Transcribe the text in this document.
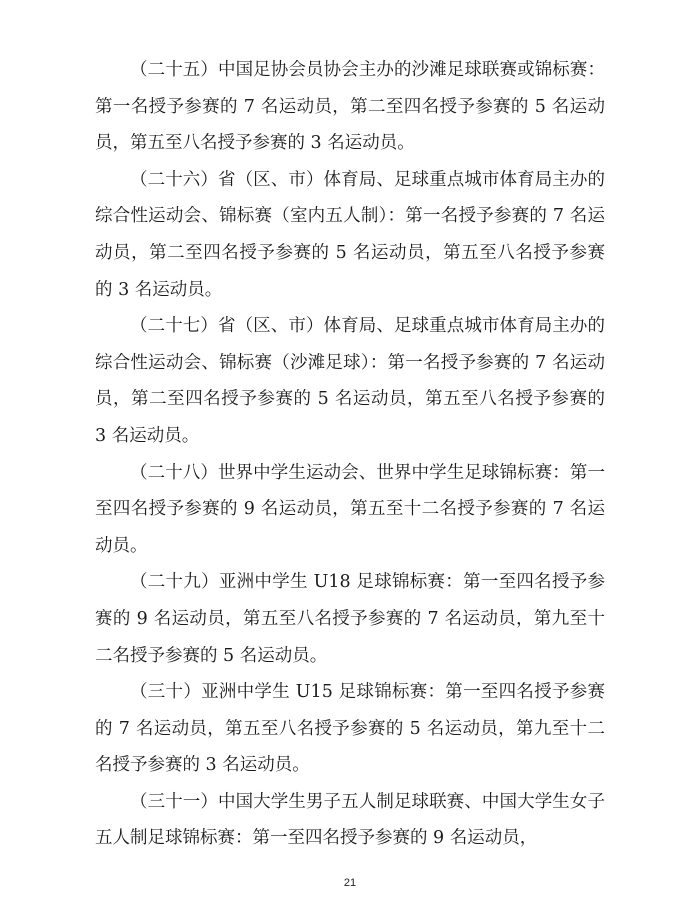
（二十五）中国足协会员协会主办的沙滩足球联赛或锦标赛：第一名授予参赛的 7 名运动员，第二至四名授予参赛的 5 名运动员，第五至八名授予参赛的 3 名运动员。

（二十六）省（区、市）体育局、足球重点城市体育局主办的综合性运动会、锦标赛（室内五人制）：第一名授予参赛的 7 名运动员，第二至四名授予参赛的 5 名运动员，第五至八名授予参赛的 3 名运动员。

（二十七）省（区、市）体育局、足球重点城市体育局主办的综合性运动会、锦标赛（沙滩足球）：第一名授予参赛的 7 名运动员，第二至四名授予参赛的 5 名运动员，第五至八名授予参赛的 3 名运动员。

（二十八）世界中学生运动会、世界中学生足球锦标赛：第一至四名授予参赛的 9 名运动员，第五至十二名授予参赛的 7 名运动员。

（二十九）亚洲中学生 U18 足球锦标赛：第一至四名授予参赛的 9 名运动员，第五至八名授予参赛的 7 名运动员，第九至十二名授予参赛的 5 名运动员。

（三十）亚洲中学生 U15 足球锦标赛：第一至四名授予参赛的 7 名运动员，第五至八名授予参赛的 5 名运动员，第九至十二名授予参赛的 3 名运动员。

（三十一）中国大学生男子五人制足球联赛、中国大学生女子五人制足球锦标赛：第一至四名授予参赛的 9 名运动员，

21
